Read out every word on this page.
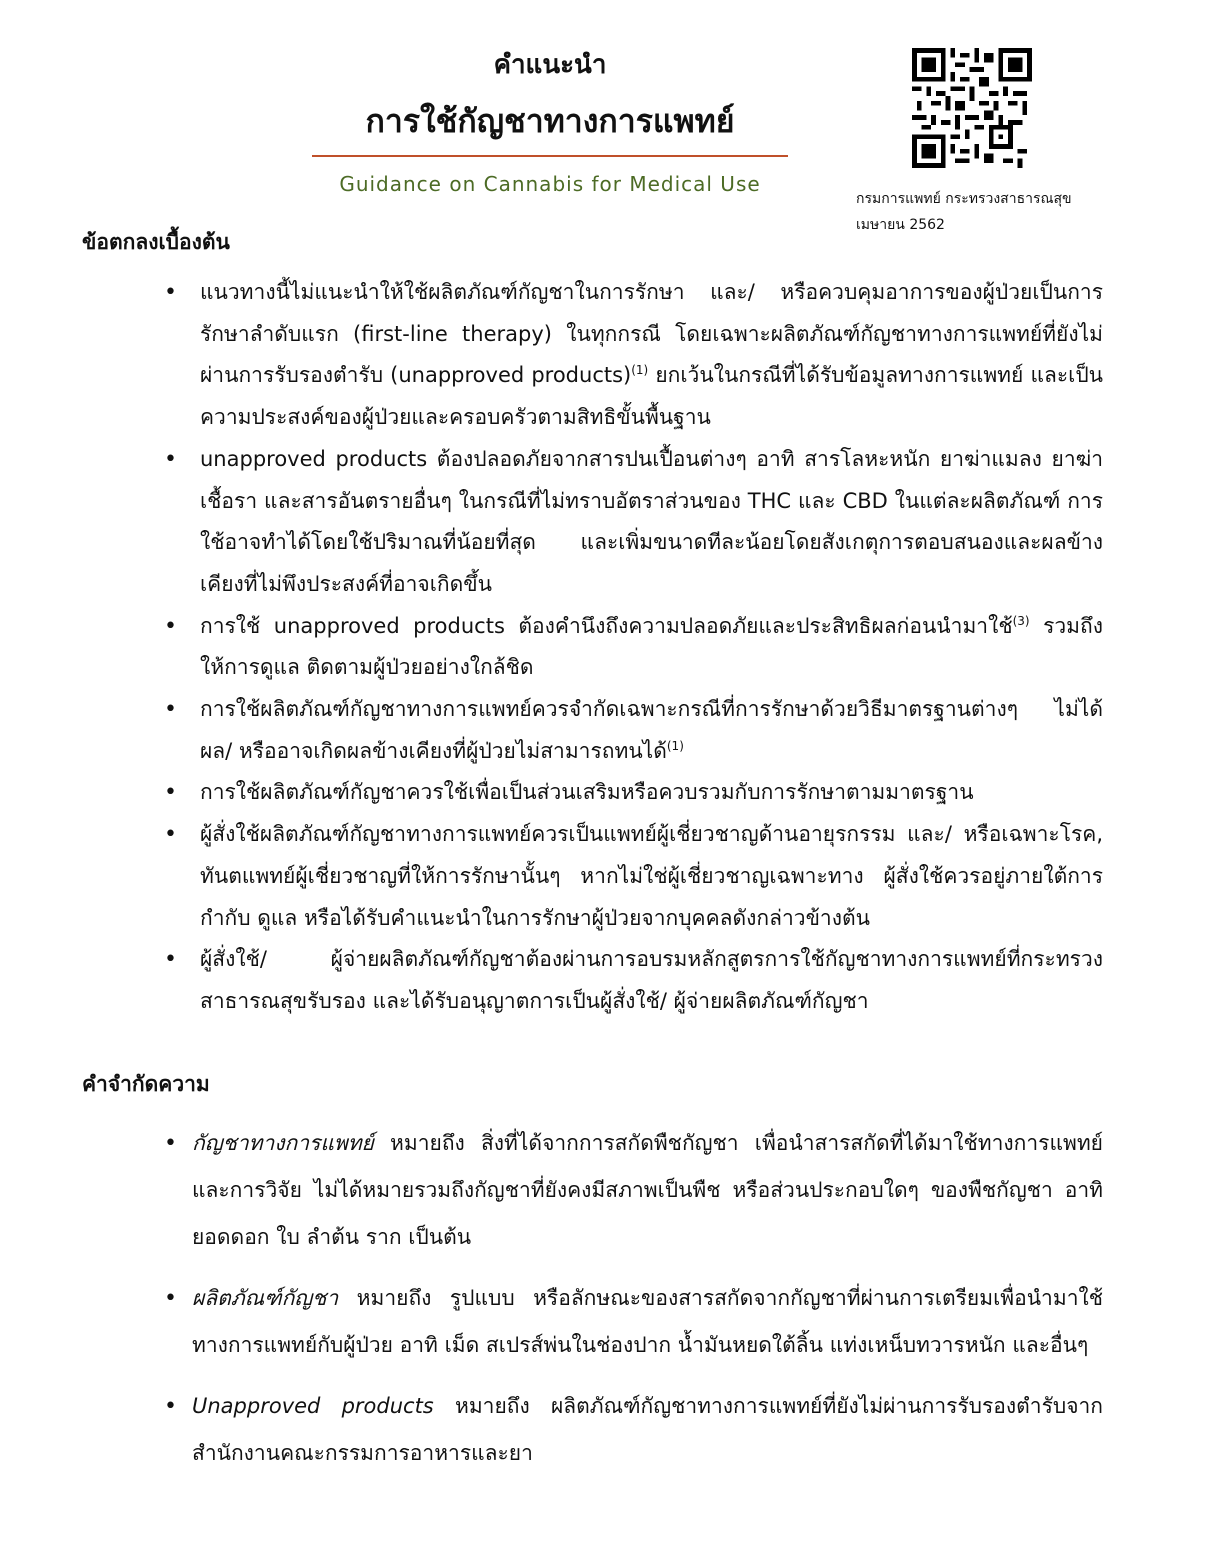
คำแนะนำ
การใช้กัญชาทางการแพทย์
Guidance on Cannabis for Medical Use
กรมการแพทย์ กระทรวงสาธารณสุข
เมษายน 2562
ข้อตกลงเบื้องต้น
• แนวทางนี้ไม่แนะนำให้ใช้ผลิตภัณฑ์กัญชาในการรักษา และ/ หรือควบคุมอาการของผู้ป่วยเป็นการรักษาลำดับแรก (first-line therapy) ในทุกกรณี โดยเฉพาะผลิตภัณฑ์กัญชาทางการแพทย์ที่ยังไม่ผ่านการรับรองตำรับ (unapproved products)$^{(1)}$ ยกเว้นในกรณีที่ได้รับข้อมูลทางการแพทย์ และเป็นความประสงค์ของผู้ป่วยและครอบครัวตามสิทธิขั้นพื้นฐาน
• unapproved products ต้องปลอดภัยจากสารปนเปื้อนต่างๆ อาทิ สารโลหะหนัก ยาฆ่าแมลง ยาฆ่าเชื้อรา และสารอันตรายอื่นๆ ในกรณีที่ไม่ทราบอัตราส่วนของ THC และ CBD ในแต่ละผลิตภัณฑ์ การใช้อาจทำได้โดยใช้ปริมาณที่น้อยที่สุด และเพิ่มขนาดทีละน้อยโดยสังเกตุการตอบสนองและผลข้างเคียงที่ไม่พึงประสงค์ที่อาจเกิดขึ้น
• การใช้ unapproved products ต้องคำนึงถึงความปลอดภัยและประสิทธิผลก่อนนำมาใช้$^{(3)}$ รวมถึงให้การดูแล ติดตามผู้ป่วยอย่างใกล้ชิด
• การใช้ผลิตภัณฑ์กัญชาทางการแพทย์ควรจำกัดเฉพาะกรณีที่การรักษาด้วยวิธีมาตรฐานต่างๆ ไม่ได้ผล/ หรืออาจเกิดผลข้างเคียงที่ผู้ป่วยไม่สามารถทนได้$^{(1)}$
• การใช้ผลิตภัณฑ์กัญชาควรใช้เพื่อเป็นส่วนเสริมหรือควบรวมกับการรักษาตามมาตรฐาน
• ผู้สั่งใช้ผลิตภัณฑ์กัญชาทางการแพทย์ควรเป็นแพทย์ผู้เชี่ยวชาญด้านอายุรกรรม และ/ หรือเฉพาะโรค, ทันตแพทย์ผู้เชี่ยวชาญที่ให้การรักษานั้นๆ หากไม่ใช่ผู้เชี่ยวชาญเฉพาะทาง ผู้สั่งใช้ควรอยู่ภายใต้การกำกับ ดูแล หรือได้รับคำแนะนำในการรักษาผู้ป่วยจากบุคคลดังกล่าวข้างต้น
• ผู้สั่งใช้/ ผู้จ่ายผลิตภัณฑ์กัญชาต้องผ่านการอบรมหลักสูตรการใช้กัญชาทางการแพทย์ที่กระทรวงสาธารณสุขรับรอง และได้รับอนุญาตการเป็นผู้สั่งใช้/ ผู้จ่ายผลิตภัณฑ์กัญชา
คำจำกัดความ
• กัญชาทางการแพทย์ หมายถึง สิ่งที่ได้จากการสกัดพืชกัญชา เพื่อนำสารสกัดที่ได้มาใช้ทางการแพทย์และการวิจัย ไม่ได้หมายรวมถึงกัญชาที่ยังคงมีสภาพเป็นพืช หรือส่วนประกอบใดๆ ของพืชกัญชา อาทิ ยอดดอก ใบ ลำต้น ราก เป็นต้น
• ผลิตภัณฑ์กัญชา หมายถึง รูปแบบ หรือลักษณะของสารสกัดจากกัญชาที่ผ่านการเตรียมเพื่อนำมาใช้ทางการแพทย์กับผู้ป่วย อาทิ เม็ด สเปรส์พ่นในช่องปาก น้ำมันหยดใต้ลิ้น แท่งเหน็บทวารหนัก และอื่นๆ
• Unapproved products หมายถึง ผลิตภัณฑ์กัญชาทางการแพทย์ที่ยังไม่ผ่านการรับรองตำรับจากสำนักงานคณะกรรมการอาหารและยา
